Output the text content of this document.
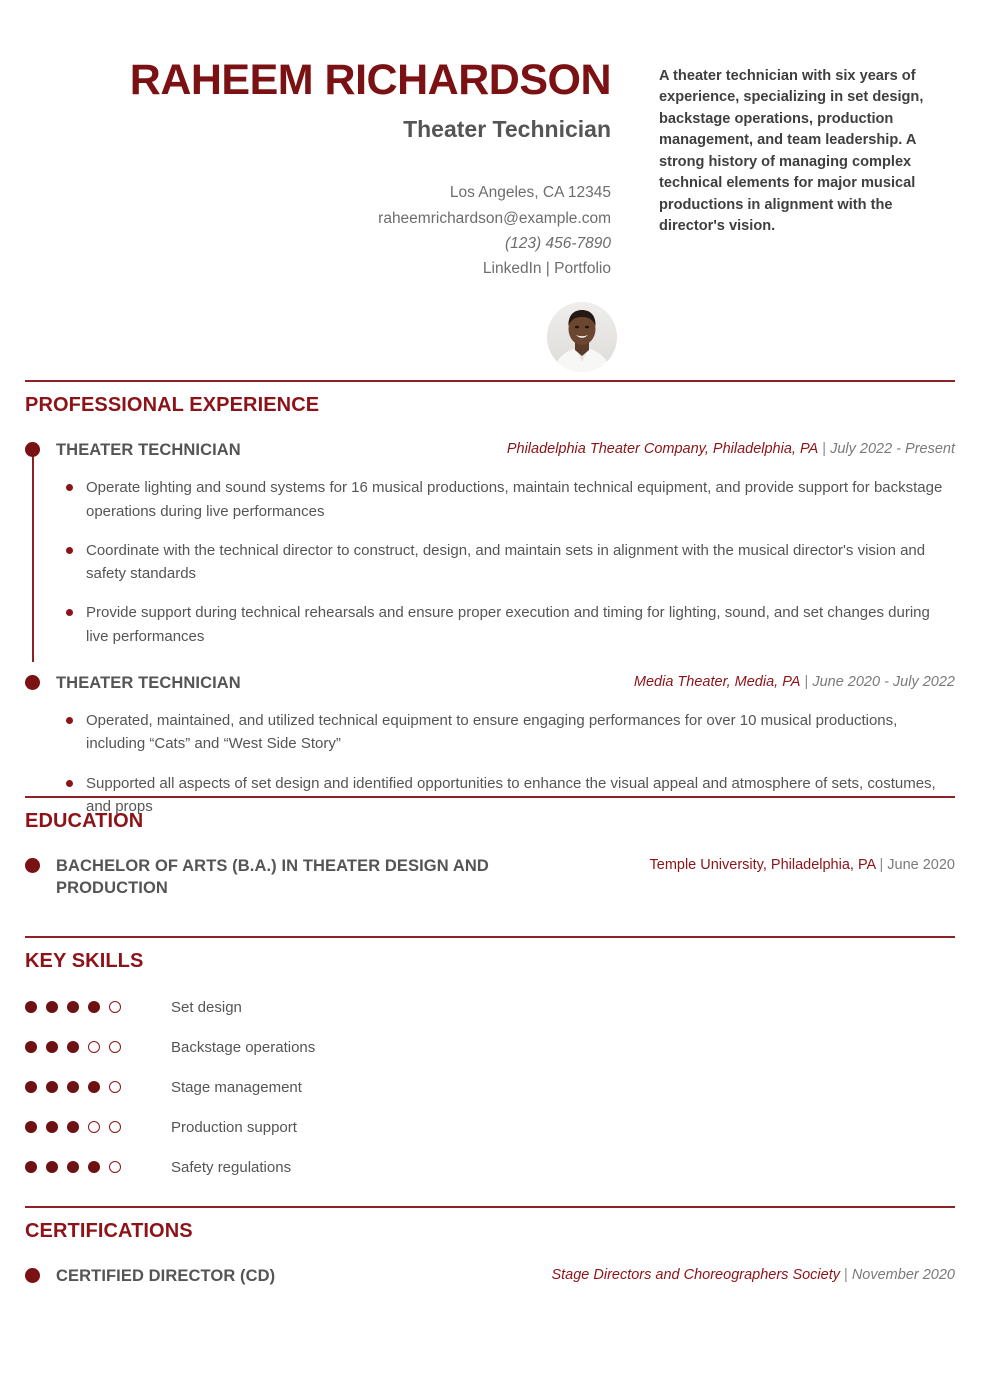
RAHEEM RICHARDSON
Theater Technician
Los Angeles, CA 12345
raheemrichardson@example.com
(123) 456-7890
LinkedIn | Portfolio
A theater technician with six years of experience, specializing in set design, backstage operations, production management, and team leadership. A strong history of managing complex technical elements for major musical productions in alignment with the director's vision.
PROFESSIONAL EXPERIENCE
THEATER TECHNICIAN	Philadelphia Theater Company, Philadelphia, PA | July 2022 - Present
Operate lighting and sound systems for 16 musical productions, maintain technical equipment, and provide support for backstage operations during live performances
Coordinate with the technical director to construct, design, and maintain sets in alignment with the musical director's vision and safety standards
Provide support during technical rehearsals and ensure proper execution and timing for lighting, sound, and set changes during live performances
THEATER TECHNICIAN	Media Theater, Media, PA | June 2020 - July 2022
Operated, maintained, and utilized technical equipment to ensure engaging performances for over 10 musical productions, including “Cats” and “West Side Story”
Supported all aspects of set design and identified opportunities to enhance the visual appeal and atmosphere of sets, costumes, and props
EDUCATION
BACHELOR OF ARTS (B.A.) IN THEATER DESIGN AND PRODUCTION
Temple University, Philadelphia, PA | June 2020
KEY SKILLS
Set design
Backstage operations
Stage management
Production support
Safety regulations
CERTIFICATIONS
CERTIFIED DIRECTOR (CD)	Stage Directors and Choreographers Society | November 2020
